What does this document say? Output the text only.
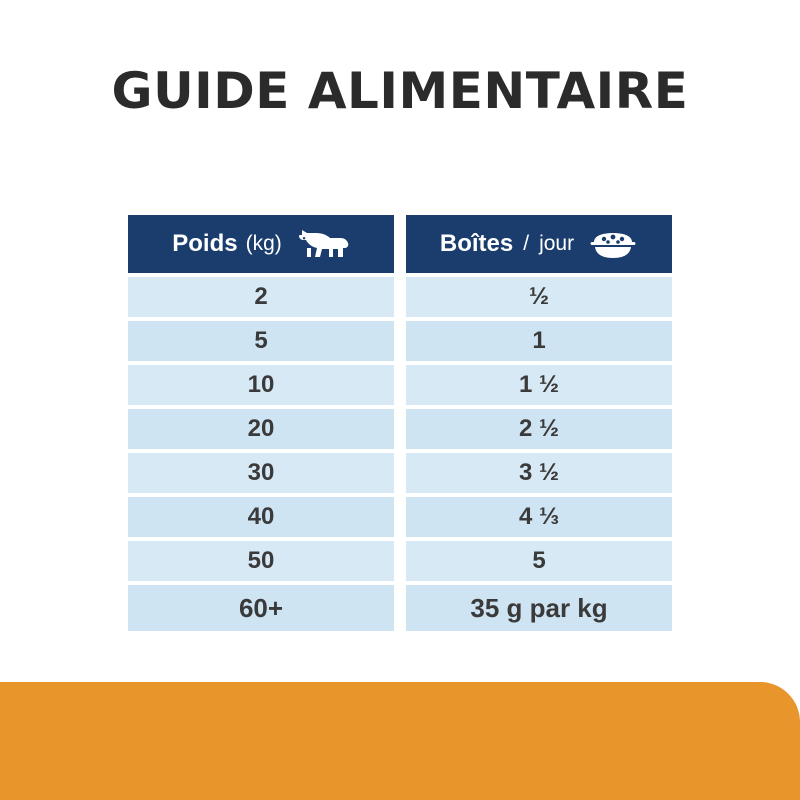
GUIDE ALIMENTAIRE
Poids (kg)	Boîtes / jour
2	½
5	1
10	1 ½
20	2 ½
30	3 ½
40	4 ⅓
50	5
60+	35 g par kg
